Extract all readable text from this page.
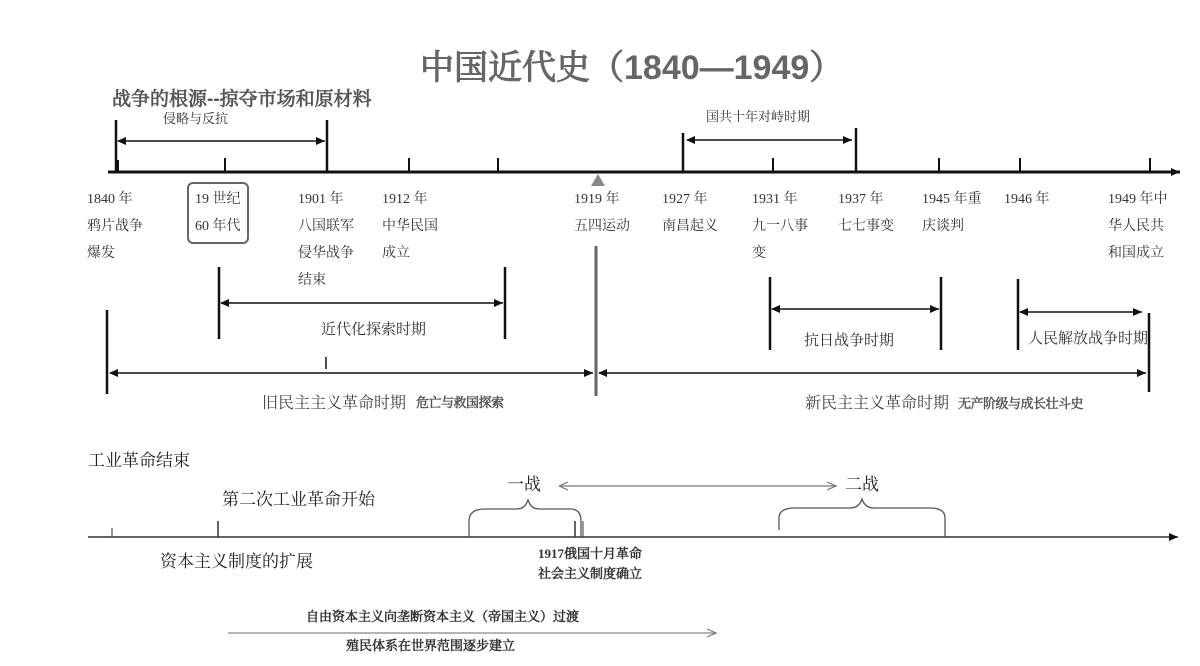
中国近代史（1840—1949）
战争的根源--掠夺市场和原材料
侵略与反抗	国共十年对峙时期
1840 年
鸦片战争
爆发
19 世纪
60 年代
1901 年
八国联军
侵华战争
结束
1912 年
中华民国
成立
1919 年
五四运动
1927 年
南昌起义
1931 年
九一八事
变
1937 年
七七事变
1945 年重
庆谈判
1946 年	1949 年中
华人民共
和国成立
近代化探索时期
抗日战争时期	人民解放战争时期
旧民主主义革命时期 危亡与救国探索	新民主主义革命时期 无产阶级与成长壮斗史
工业革命结束
第二次工业革命开始
一战	二战
资本主义制度的扩展	1917俄国十月革命
社会主义制度确立
自由资本主义向垄断资本主义（帝国主义）过渡
殖民体系在世界范围逐步建立
